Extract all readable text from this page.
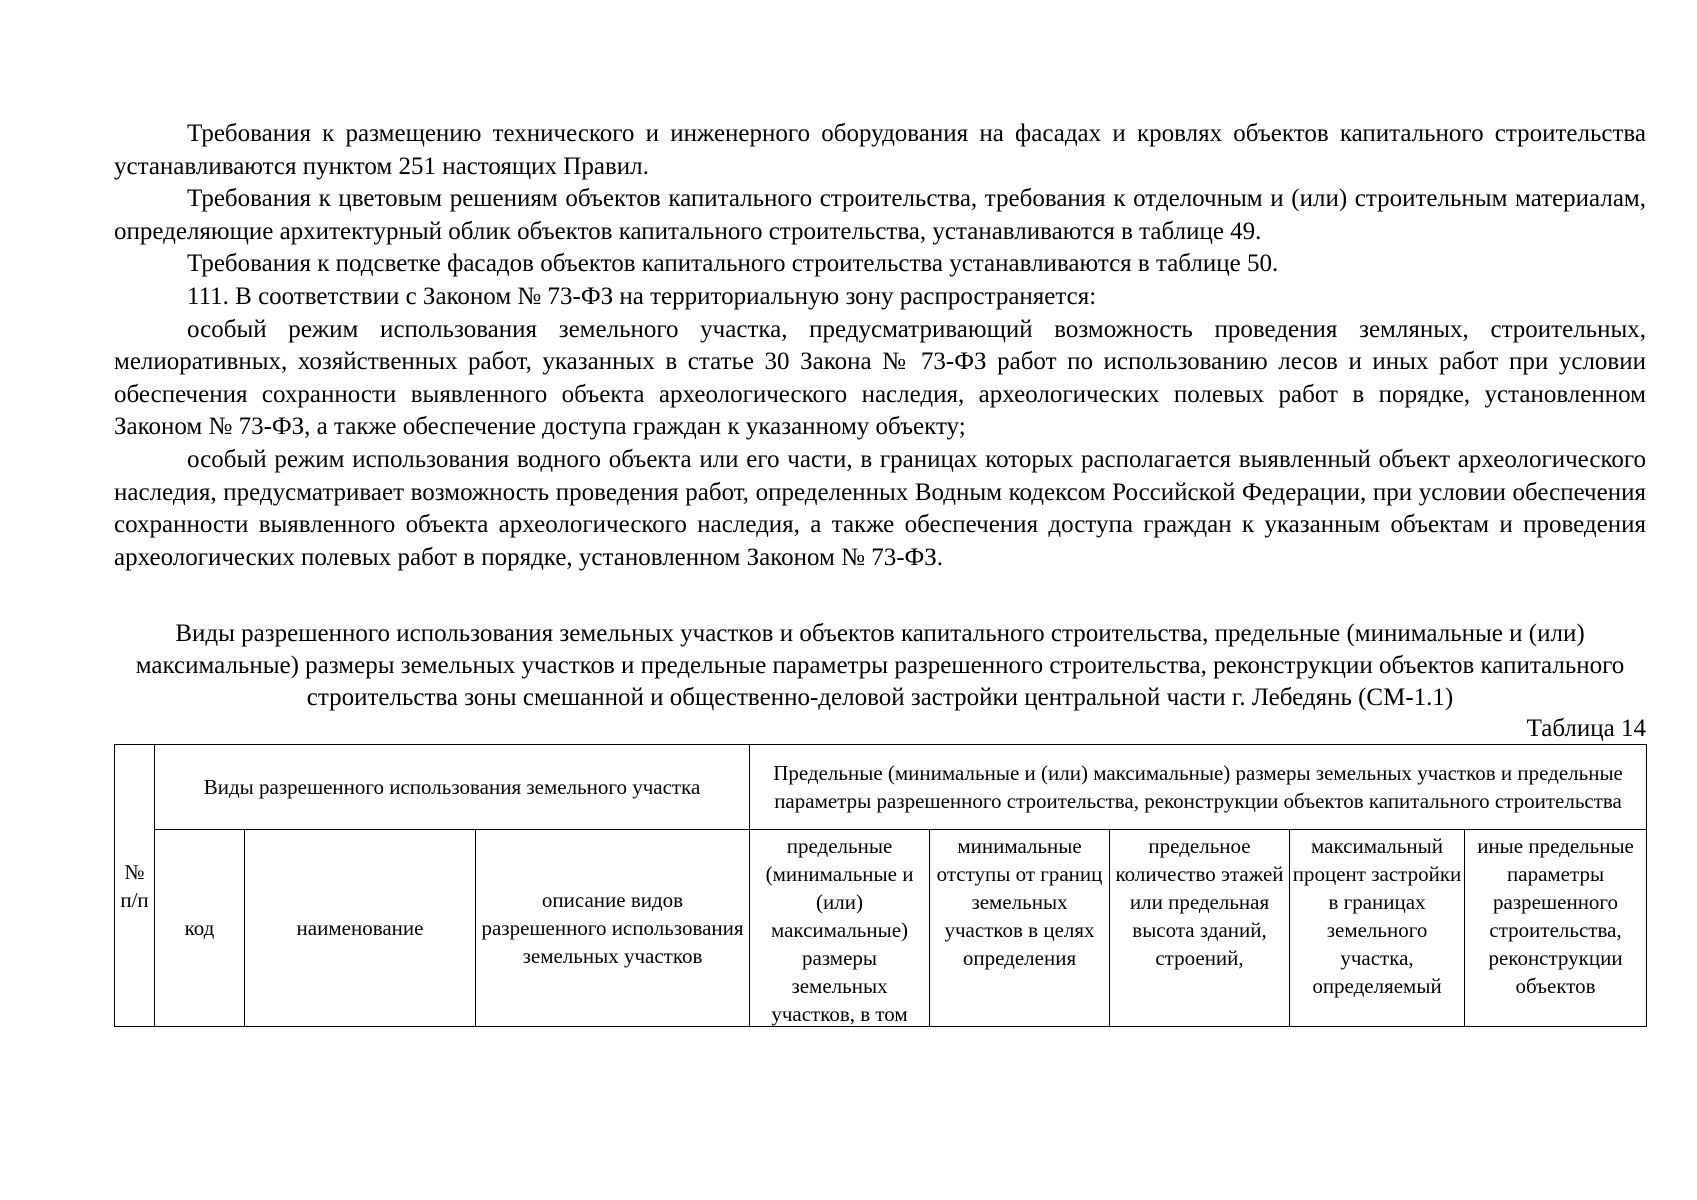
Требования к размещению технического и инженерного оборудования на фасадах и кровлях объектов капитального строительства устанавливаются пунктом 251 настоящих Правил.

Требования к цветовым решениям объектов капитального строительства, требования к отделочным и (или) строительным материалам, определяющие архитектурный облик объектов капитального строительства, устанавливаются в таблице 49.

Требования к подсветке фасадов объектов капитального строительства устанавливаются в таблице 50.

111. В соответствии с Законом № 73-ФЗ на территориальную зону распространяется:

особый режим использования земельного участка, предусматривающий возможность проведения земляных, строительных, мелиоративных, хозяйственных работ, указанных в статье 30 Закона № 73-ФЗ работ по использованию лесов и иных работ при условии обеспечения сохранности выявленного объекта археологического наследия, археологических полевых работ в порядке, установленном Законом № 73-ФЗ, а также обеспечение доступа граждан к указанному объекту;

особый режим использования водного объекта или его части, в границах которых располагается выявленный объект археологического наследия, предусматривает возможность проведения работ, определенных Водным кодексом Российской Федерации, при условии обеспечения сохранности выявленного объекта археологического наследия, а также обеспечения доступа граждан к указанным объектам и проведения археологических полевых работ в порядке, установленном Законом № 73-ФЗ.

Виды разрешенного использования земельных участков и объектов капитального строительства, предельные (минимальные и (или) максимальные) размеры земельных участков и предельные параметры разрешенного строительства, реконструкции объектов капитального строительства зоны смешанной и общественно-деловой застройки центральной части г. Лебедянь (СМ-1.1)

Таблица 14

№ п/п	Виды разрешенного использования земельного участка			Предельные (минимальные и (или) максимальные) размеры земельных участков и предельные параметры разрешенного строительства, реконструкции объектов капитального строительства				
	код	наименование	описание видов разрешенного использования земельных участков	предельные (минимальные и (или) максимальные) размеры земельных участков, в том	минимальные отступы от границ земельных участков в целях определения	предельное количество этажей или предельная высота зданий, строений,	максимальный процент застройки в границах земельного участка, определяемый	иные предельные параметры разрешенного строительства, реконструкции объектов
